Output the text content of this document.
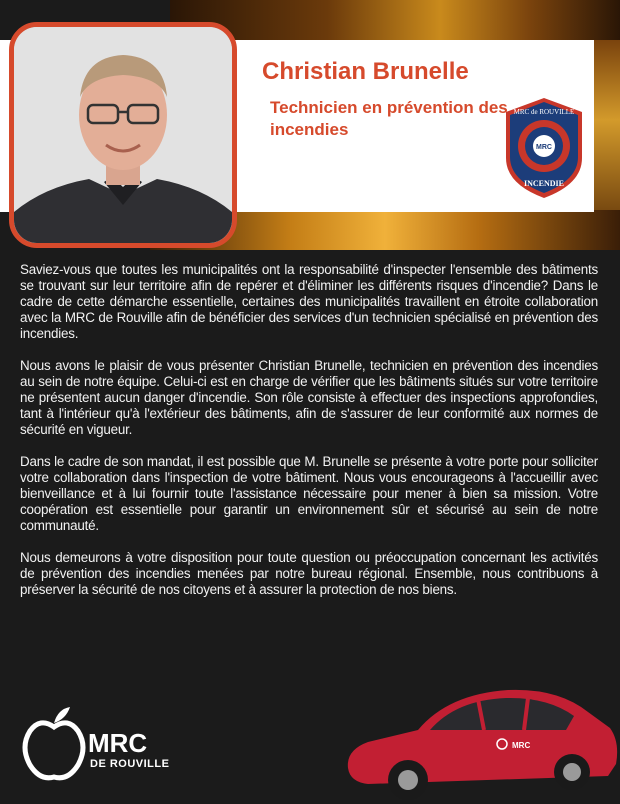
Christian Brunelle
Technicien en prévention des incendies
MRC
MRC de ROUVILLE
INCENDIE

Saviez-vous que toutes les municipalités ont la responsabilité d'inspecter l'ensemble des bâtiments se trouvant sur leur territoire afin de repérer et d'éliminer les différents risques d'incendie? Dans le cadre de cette démarche essentielle, certaines des municipalités travaillent en étroite collaboration avec la MRC de Rouville afin de bénéficier des services d'un technicien spécialisé en prévention des incendies.

Nous avons le plaisir de vous présenter Christian Brunelle, technicien en prévention des incendies au sein de notre équipe. Celui-ci est en charge de vérifier que les bâtiments situés sur votre territoire ne présentent aucun danger d'incendie. Son rôle consiste à effectuer des inspections approfondies, tant à l'intérieur qu'à l'extérieur des bâtiments, afin de s'assurer de leur conformité aux normes de sécurité en vigueur.

Dans le cadre de son mandat, il est possible que M. Brunelle se présente à votre porte pour solliciter votre collaboration dans l'inspection de votre bâtiment. Nous vous encourageons à l'accueillir avec bienveillance et à lui fournir toute l'assistance nécessaire pour mener à bien sa mission. Votre coopération est essentielle pour garantir un environnement sûr et sécurisé au sein de notre communauté.

Nous demeurons à votre disposition pour toute question ou préoccupation concernant les activités de prévention des incendies menées par notre bureau régional. Ensemble, nous contribuons à préserver la sécurité de nos citoyens et à assurer la protection de nos biens.

MRC

DE ROUVILLE

MRC
